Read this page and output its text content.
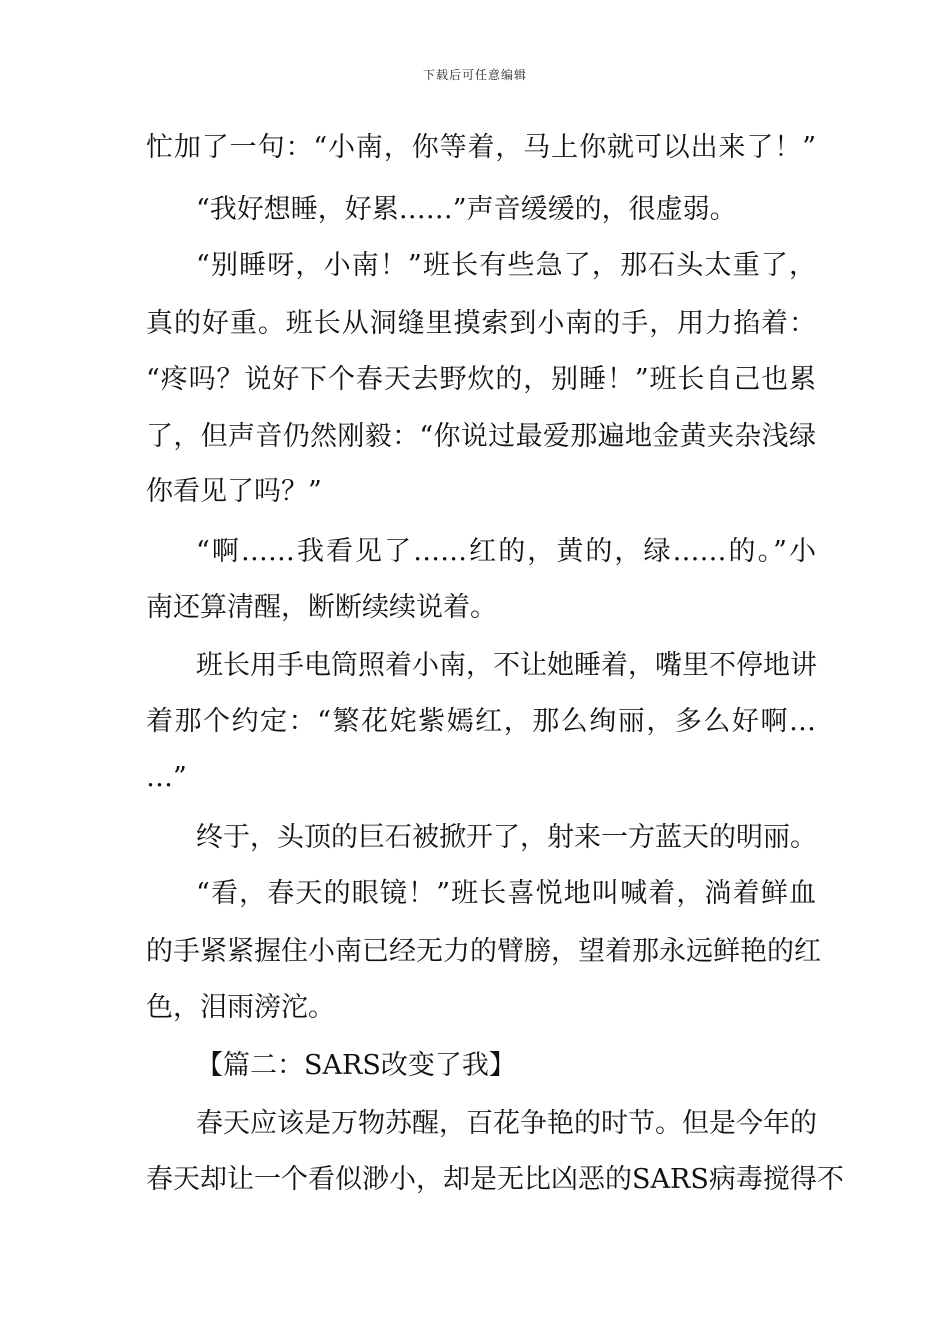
下载后可任意编辑
忙加了一句：“小南，你等着，马上你就可以出来了！”
“我好想睡，好累……”声音缓缓的，很虚弱。
“别睡呀，小南！”班长有些急了，那石头太重了，
真的好重。班长从洞缝里摸索到小南的手，用力掐着：
“疼吗？说好下个春天去野炊的，别睡！”班长自己也累
了，但声音仍然刚毅：“你说过最爱那遍地金黄夹杂浅绿
你看见了吗？”
“啊……我看见了……红的，黄的，绿……的。”小
南还算清醒，断断续续说着。
班长用手电筒照着小南，不让她睡着，嘴里不停地讲
着那个约定：“繁花姹紫嫣红，那么绚丽，多么好啊…
…”
终于，头顶的巨石被掀开了，射来一方蓝天的明丽。
“看，春天的眼镜！”班长喜悦地叫喊着，淌着鲜血
的手紧紧握住小南已经无力的臂膀，望着那永远鲜艳的红
色，泪雨滂沱。
【篇二：SARS改变了我】
春天应该是万物苏醒，百花争艳的时节。但是今年的
春天却让一个看似渺小，却是无比凶恶的SARS病毒搅得不
